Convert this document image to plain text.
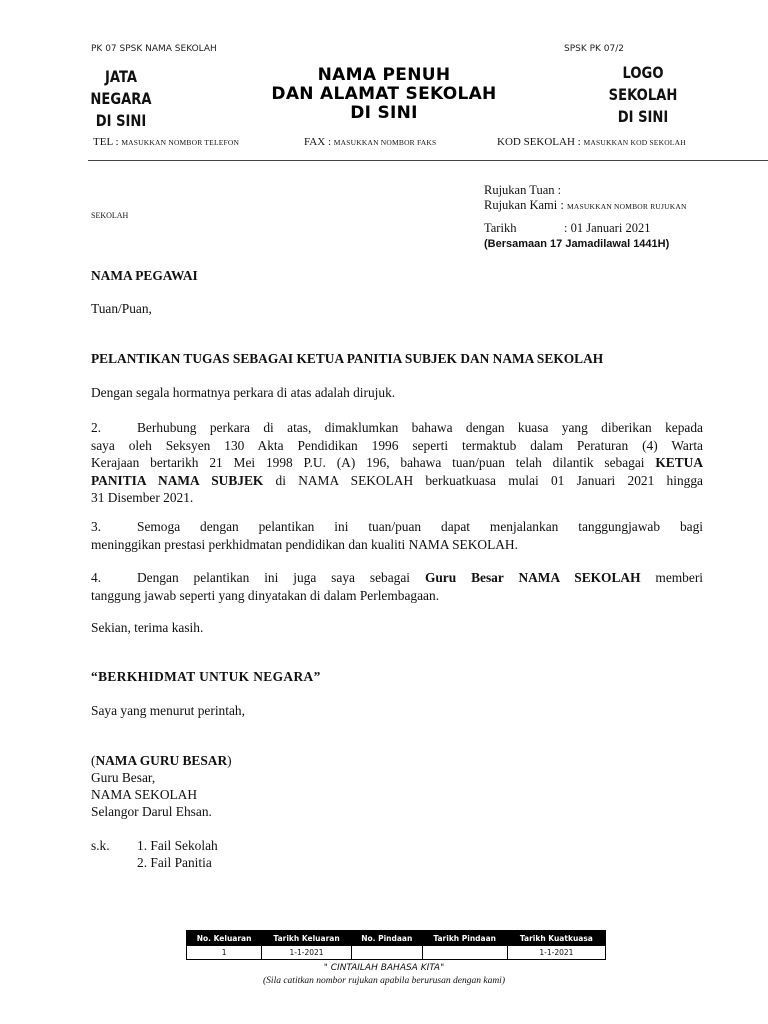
PK 07 SPSK NAMA SEKOLAH	SPSK PK 07/2
JATA
NEGARA
DI SINI
NAMA PENUH
DAN ALAMAT SEKOLAH
DI SINI
LOGO
SEKOLAH
DI SINI
TEL : MASUKKAN NOMBOR TELEFON	FAX : MASUKKAN NOMBOR FAKS	KOD SEKOLAH : MASUKKAN KOD SEKOLAH
Rujukan Tuan :
Rujukan Kami : MASUKKAN NOMBOR RUJUKAN
Tarikh	: 01 Januari 2021
(Bersamaan 17 Jamadilawal 1441H)
SEKOLAH
NAMA PEGAWAI
Tuan/Puan,
PELANTIKAN TUGAS SEBAGAI KETUA PANITIA SUBJEK DAN NAMA SEKOLAH
Dengan segala hormatnya perkara di atas adalah dirujuk.
2.	Berhubung perkara di atas, dimaklumkan bahawa dengan kuasa yang diberikan kepada
saya oleh Seksyen 130 Akta Pendidikan 1996 seperti termaktub dalam Peraturan (4) Warta
Kerajaan bertarikh 21 Mei 1998 P.U. (A) 196, bahawa tuan/puan telah dilantik sebagai KETUA
PANITIA NAMA SUBJEK di NAMA SEKOLAH berkuatkuasa mulai 01 Januari 2021 hingga
31 Disember 2021.
3.	Semoga dengan pelantikan ini tuan/puan dapat menjalankan tanggungjawab bagi
meninggikan prestasi perkhidmatan pendidikan dan kualiti NAMA SEKOLAH.
4.	Dengan pelantikan ini juga saya sebagai Guru Besar NAMA SEKOLAH memberi
tanggung jawab seperti yang dinyatakan di dalam Perlembagaan.
Sekian, terima kasih.
“BERKHIDMAT UNTUK NEGARA”
Saya yang menurut perintah,
(NAMA GURU BESAR)
Guru Besar,
NAMA SEKOLAH
Selangor Darul Ehsan.
s.k. 1. Fail Sekolah
2. Fail Panitia
No. Keluaran	Tarikh Keluaran	No. Pindaan	Tarikh Pindaan	Tarikh Kuatkuasa
1	1-1-2021			1-1-2021
" CINTAILAH BAHASA KITA"
(Sila catitkan nombor rujukan apabila berurusan dengan kami)
